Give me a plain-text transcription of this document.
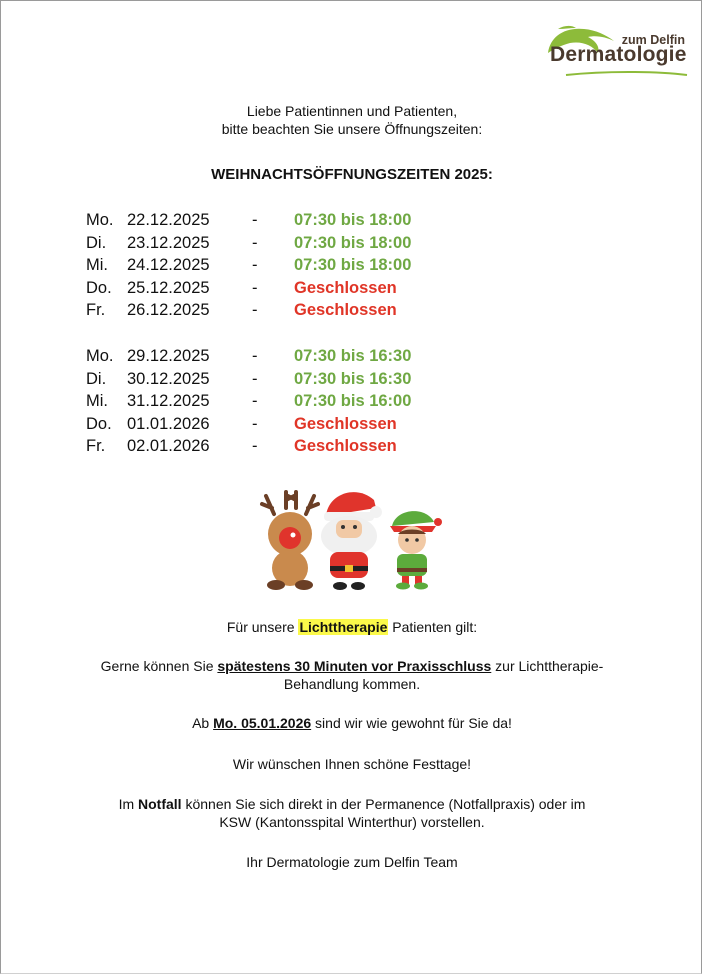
zum Delfin
Dermatologie
Liebe Patientinnen und Patienten,
bitte beachten Sie unsere Öffnungszeiten:
WEIHNACHTSÖFFNUNGSZEITEN 2025:
Mo. 22.12.2025	-	07:30 bis 18:00
Di.	23.12.2025	-	07:30 bis 18:00
Mi.	24.12.2025	-	07:30 bis 18:00
Do. 25.12.2025	-	Geschlossen
Fr.	26.12.2025	-	Geschlossen
Mo. 29.12.2025	-	07:30 bis 16:30
Di.	30.12.2025	-	07:30 bis 16:30
Mi.	31.12.2025	-	07:30 bis 16:00
Do. 01.01.2026	-	Geschlossen
Fr.	02.01.2026	-	Geschlossen
Für unsere Lichttherapie Patienten gilt:
Gerne können Sie spätestens 30 Minuten vor Praxisschluss zur Lichttherapie-
Behandlung kommen.
Ab Mo. 05.01.2026 sind wir wie gewohnt für Sie da!
Wir wünschen Ihnen schöne Festtage!
Im Notfall können Sie sich direkt in der Permanence (Notfallpraxis) oder im
KSW (Kantonsspital Winterthur) vorstellen.
Ihr Dermatologie zum Delfin Team
